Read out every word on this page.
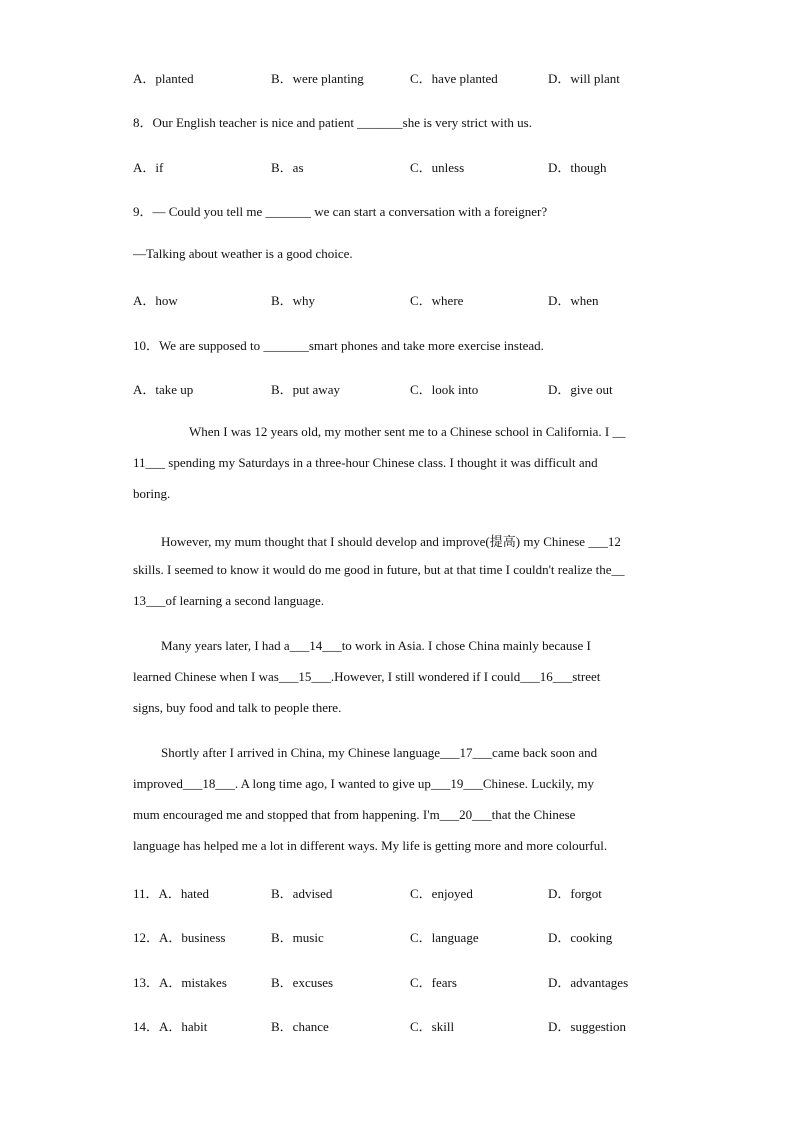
A．planted	B．were planting	C．have planted	D．will plant
8．Our English teacher is nice and patient _______she is very strict with us.
A．if	B．as	C．unless	D．though
9．— Could you tell me _______ we can start a conversation with a foreigner?
—Talking about weather is a good choice.
A．how	B．why	C．where	D．when
10．We are supposed to _______smart phones and take more exercise instead.
A．take up	B．put away	C．look into	D．give out
When I was 12 years old, my mother sent me to a Chinese school in California. I __
11___ spending my Saturdays in a three-hour Chinese class. I thought it was difficult and
boring.
However, my mum thought that I should develop and improve(提高) my Chinese ___12
skills. I seemed to know it would do me good in future, but at that time I couldn't realize the__
13___of learning a second language.
Many years later, I had a___14___to work in Asia. I chose China mainly because I
learned Chinese when I was___15___.However, I still wondered if I could___16___street
signs, buy food and talk to people there.
Shortly after I arrived in China, my Chinese language___17___came back soon and
improved___18___. A long time ago, I wanted to give up___19___Chinese. Luckily, my
mum encouraged me and stopped that from happening. I'm___20___that the Chinese
language has helped me a lot in different ways. My life is getting more and more colourful.
11．A．hated	B．advised	C．enjoyed	D．forgot
12．A．business	B．music	C．language	D．cooking
13．A．mistakes	B．excuses	C．fears	D．advantages
14．A．habit	B．chance	C．skill	D．suggestion
